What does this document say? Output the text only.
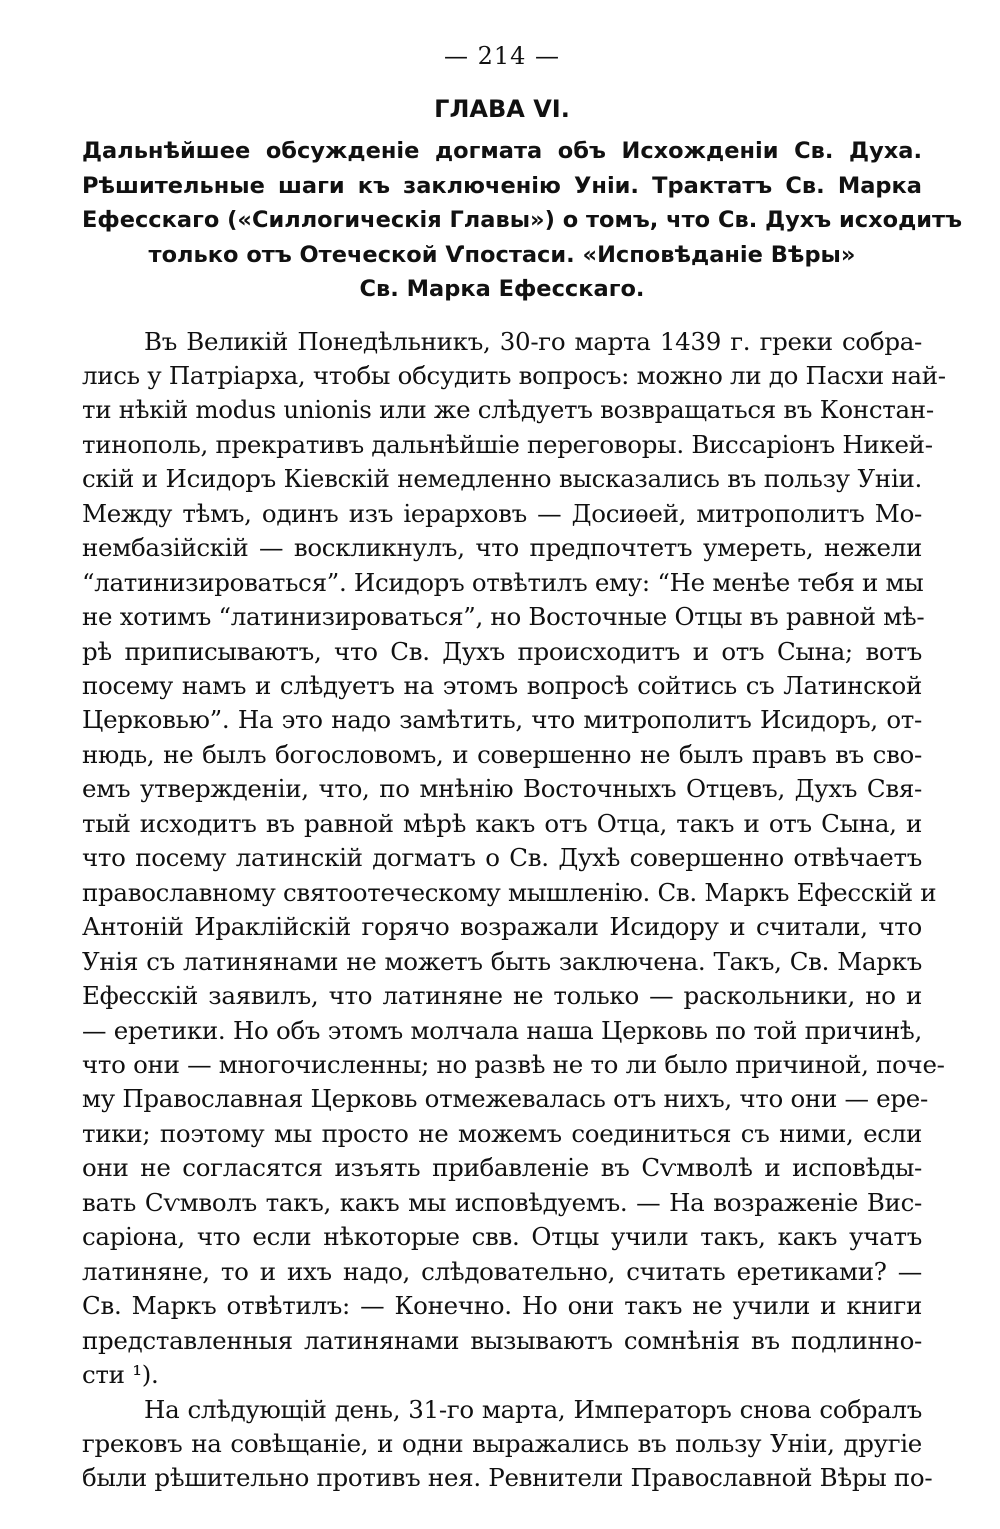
— 214 —
ГЛАВА VI.
Дальнѣйшее обсужденіе догмата объ Исхожденіи Св. Духа.
Рѣшительные шаги къ заключенію Уніи. Трактатъ Св. Марка
Ефесскаго («Силлогическія Главы») о томъ, что Св. Духъ исходитъ
только отъ Отеческой Ѵпостаси. «Исповѣданіе Вѣры»
Св. Марка Ефесскаго.
Въ Великій Понедѣльникъ, 30-го марта 1439 г. греки собра-
лись у Патріарха, чтобы обсудить вопросъ: можно ли до Пасхи най-
ти нѣкій modus unionis или же слѣдуетъ возвращаться въ Констан-
тинополь, прекративъ дальнѣйшіе переговоры. Виссаріонъ Никей-
скій и Исидоръ Кіевскій немедленно высказались въ пользу Уніи.
Между тѣмъ, одинъ изъ іерарховъ — Досиѳей, митрополитъ Мо-
нембазійскій — воскликнулъ, что предпочтетъ умереть, нежели
“латинизироваться”. Исидоръ отвѣтилъ ему: “Не менѣе тебя и мы
не хотимъ “латинизироваться”, но Восточные Отцы въ равной мѣ-
рѣ приписываютъ, что Св. Духъ происходитъ и отъ Сына; вотъ
посему намъ и слѣдуетъ на этомъ вопросѣ сойтись съ Латинской
Церковью”. На это надо замѣтить, что митрополитъ Исидоръ, от-
нюдь, не былъ богословомъ, и совершенно не былъ правъ въ сво-
емъ утвержденіи, что, по мнѣнію Восточныхъ Отцевъ, Духъ Свя-
тый исходитъ въ равной мѣрѣ какъ отъ Отца, такъ и отъ Сына, и
что посему латинскій догматъ о Св. Духѣ совершенно отвѣчаетъ
православному святоотеческому мышленію. Св. Маркъ Ефесскій и
Антоній Ираклійскій горячо возражали Исидору и считали, что
Унія съ латинянами не можетъ быть заключена. Такъ, Св. Маркъ
Ефесскій заявилъ, что латиняне не только — раскольники, но и
— еретики. Но объ этомъ молчала наша Церковь по той причинѣ,
что они — многочисленны; но развѣ не то ли было причиной, поче-
му Православная Церковь отмежевалась отъ нихъ, что они — ере-
тики; поэтому мы просто не можемъ соединиться съ ними, если
они не согласятся изъять прибавленіе въ Сѵмволѣ и исповѣды-
вать Сѵмволъ такъ, какъ мы исповѣдуемъ. — На возраженіе Вис-
саріона, что если нѣкоторые свв. Отцы учили такъ, какъ учатъ
латиняне, то и ихъ надо, слѣдовательно, считать еретиками? —
Св. Маркъ отвѣтилъ: — Конечно. Но они такъ не учили и книги
представленныя латинянами вызываютъ сомнѣнія въ подлинно-
сти ¹).
На слѣдующій день, 31-го марта, Императоръ снова собралъ
грековъ на совѣщаніе, и одни выражались въ пользу Уніи, другіе
были рѣшительно противъ нея. Ревнители Православной Вѣры по-
